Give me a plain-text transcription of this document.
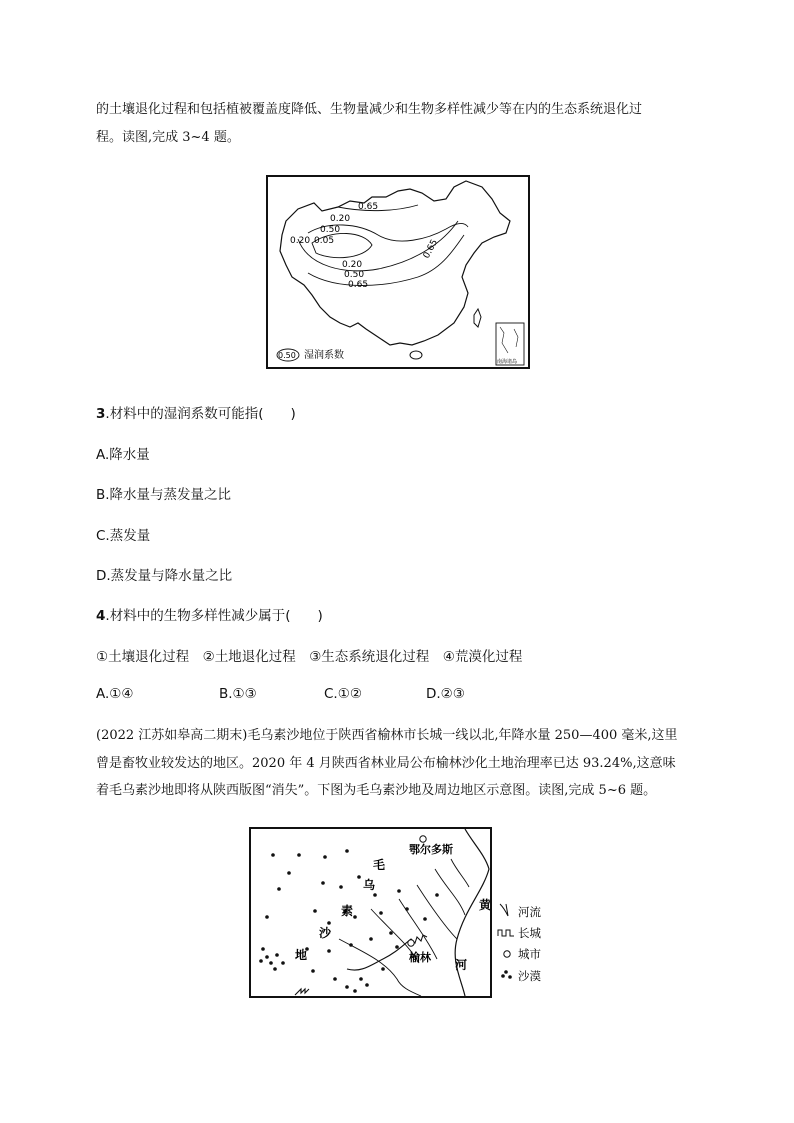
的土壤退化过程和包括植被覆盖度降低、生物量减少和生物多样性减少等在内的生态系统退化过
程。读图,完成 3~4 题。
0.65
0.20
0.50
0.20 0.05
0.20
0.50
0.65
0.65
0.50 湿润系数
南海诸岛
3.材料中的湿润系数可能指(　　)
A.降水量
B.降水量与蒸发量之比
C.蒸发量
D.蒸发量与降水量之比
4.材料中的生物多样性减少属于(　　)
①土壤退化过程　②土地退化过程　③生态系统退化过程　④荒漠化过程
A.①④	B.①③	C.①②	D.②③
(2022 江苏如皋高二期末)毛乌素沙地位于陕西省榆林市长城一线以北,年降水量 250—400 毫米,这里
曾是畜牧业较发达的地区。2020 年 4 月陕西省林业局公布榆林沙化土地治理率已达 93.24%,这意味
着毛乌素沙地即将从陕西版图“消失”。下图为毛乌素沙地及周边地区示意图。读图,完成 5~6 题。
鄂尔多斯
毛
乌
素
沙
地	榆林
黄
河
河流
长城
城市
沙漠
